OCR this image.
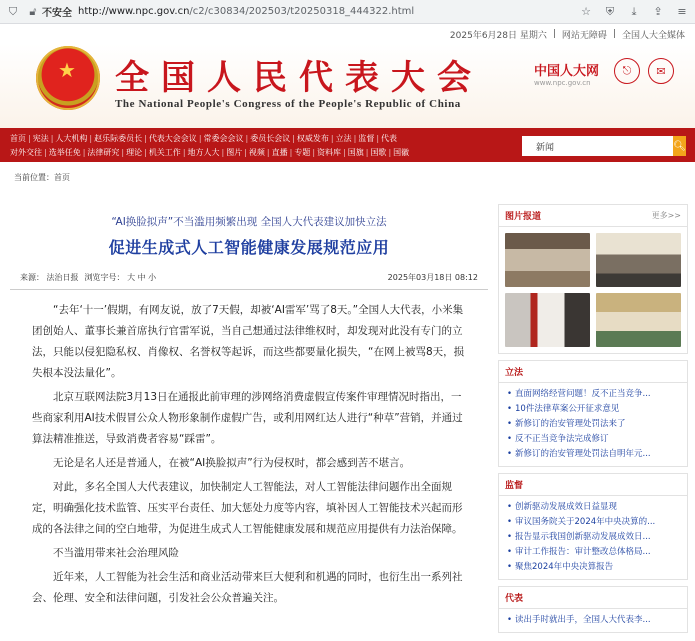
⛉	🔓︎ 不安全 http://www.npc.gov.cn/c2/c30834/202503/t20250318_444322.html	☆ ⛨	⤓	⇪ ≡
2025年6月28日 星期六 | 网站无障碍 | 全国人大全媒体
★ 全国人民代表大会
The National People's Congress of the People's Republic of China
中国人大网
www.npc.gov.cn
⎋	✉
首页 | 宪法 | 人大机构 | 赵乐际委员长 | 代表大会会议 | 常委会会议 | 委员长会议 | 权威发布 | 立法 | 监督 | 代表
对外交往 | 选举任免 | 法律研究 | 理论 | 机关工作 | 地方人大 | 图片 | 视频 | 直播 | 专题 | 资料库 | 国旗 | 国歌 | 国徽	新闻	🔍︎
当前位置：首页
“AI换脸拟声”不当滥用频繁出现 全国人大代表建议加快立法
促进生成式人工智能健康发展规范应用
来源： 法治日报 浏览字号： 大 中 小	2025年03月18日 08:12

“去年‘十一’假期，有网友说，放了7天假，却被‘AI雷军’骂了8天。”全国人大代表，小米集团创始人、董事长兼首席执行官雷军说，当自己想通过法律维权时，却发现对此没有专门的立法，只能以侵犯隐私权、肖像权、名誉权等起诉，而这些都要量化损失，“在网上被骂8天，损失根本没法量化”。

北京互联网法院3月13日在通报此前审理的涉网络消费虚假宣传案件审理情况时指出，一些商家利用AI技术假冒公众人物形象制作虚假广告，或利用网红达人进行“种草”营销，并通过算法精准推送，导致消费者容易“踩雷”。

无论是名人还是普通人，在被“AI换脸拟声”行为侵权时，都会感到苦不堪言。

对此，多名全国人大代表建议，加快制定人工智能法，对人工智能法律问题作出全面规定，明确强化技术监管、压实平台责任、加大惩处力度等内容，填补因人工智能技术兴起而形成的各法律之间的空白地带，为促进生成式人工智能健康发展和规范应用提供有力法治保障。

不当滥用带来社会治理风险

近年来，人工智能为社会生活和商业活动带来巨大便利和机遇的同时，也衍生出一系列社会、伦理、安全和法律问题，引发社会公众普遍关注。

图片报道	更多>>
立法
• 直面网络经营问题！反不正当竞争...
• 10件法律草案公开征求意见
• 新修订的治安管理处罚法来了
• 反不正当竞争法完成修订
• 新修订的治安管理处罚法自明年元...
监督
• 创新驱动发展成效日益显现
• 审议国务院关于2024年中央决算的...
• 报告显示我国创新驱动发展成效日...
• 审计工作报告：审计整改总体格局...
• 聚焦2024年中央决算报告
代表
• 读出手时就出手，全国人大代表李...
